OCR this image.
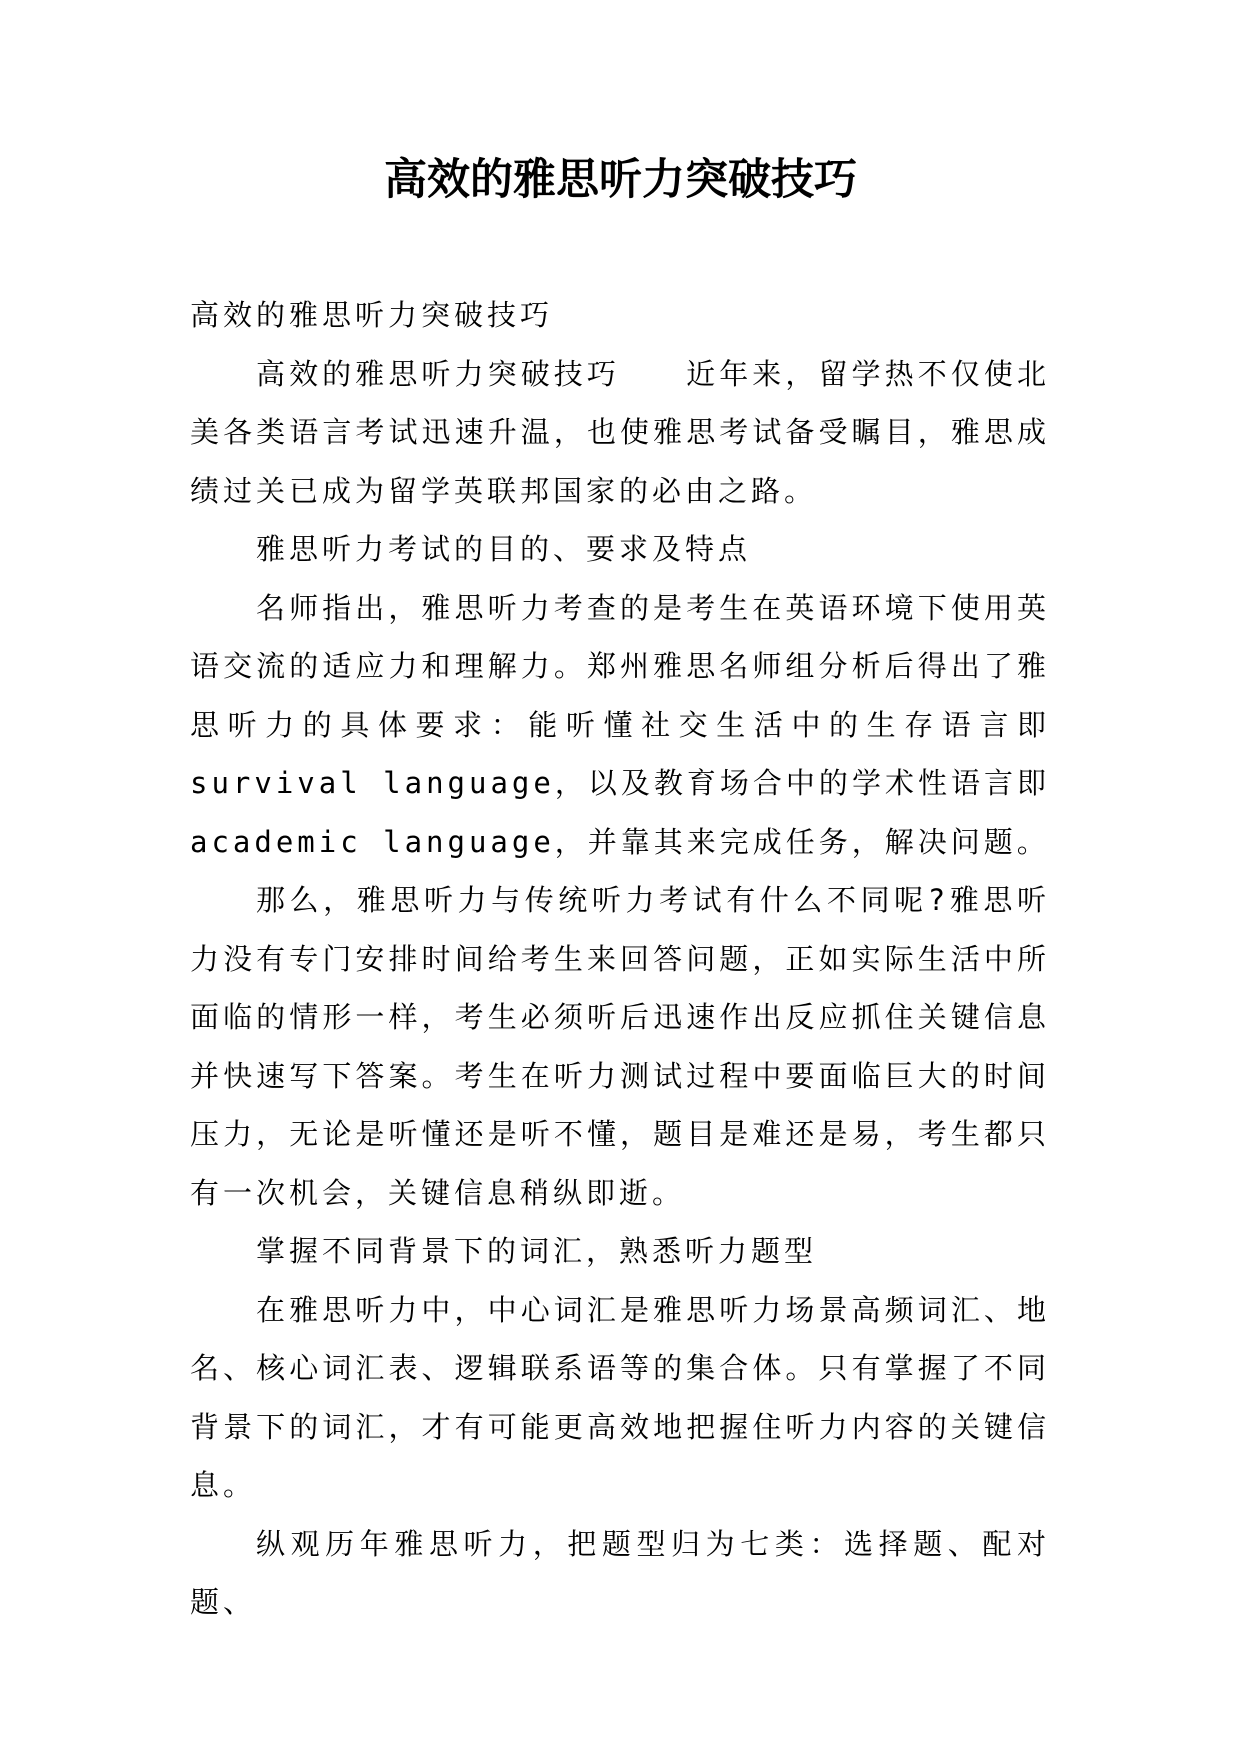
高效的雅思听力突破技巧

高效的雅思听力突破技巧

高效的雅思听力突破技巧　　近年来，留学热不仅使北美各类语言考试迅速升温，也使雅思考试备受瞩目，雅思成绩过关已成为留学英联邦国家的必由之路。

雅思听力考试的目的、要求及特点

名师指出，雅思听力考查的是考生在英语环境下使用英语交流的适应力和理解力。郑州雅思名师组分析后得出了雅思听力的具体要求：能听懂社交生活中的生存语言即survival language，以及教育场合中的学术性语言即academic language，并靠其来完成任务，解决问题。

那么，雅思听力与传统听力考试有什么不同呢?雅思听力没有专门安排时间给考生来回答问题，正如实际生活中所面临的情形一样，考生必须听后迅速作出反应抓住关键信息并快速写下答案。考生在听力测试过程中要面临巨大的时间压力，无论是听懂还是听不懂，题目是难还是易，考生都只有一次机会，关键信息稍纵即逝。

掌握不同背景下的词汇，熟悉听力题型

在雅思听力中，中心词汇是雅思听力场景高频词汇、地名、核心词汇表、逻辑联系语等的集合体。只有掌握了不同背景下的词汇，才有可能更高效地把握住听力内容的关键信息。

纵观历年雅思听力，把题型归为七类：选择题、配对题、
